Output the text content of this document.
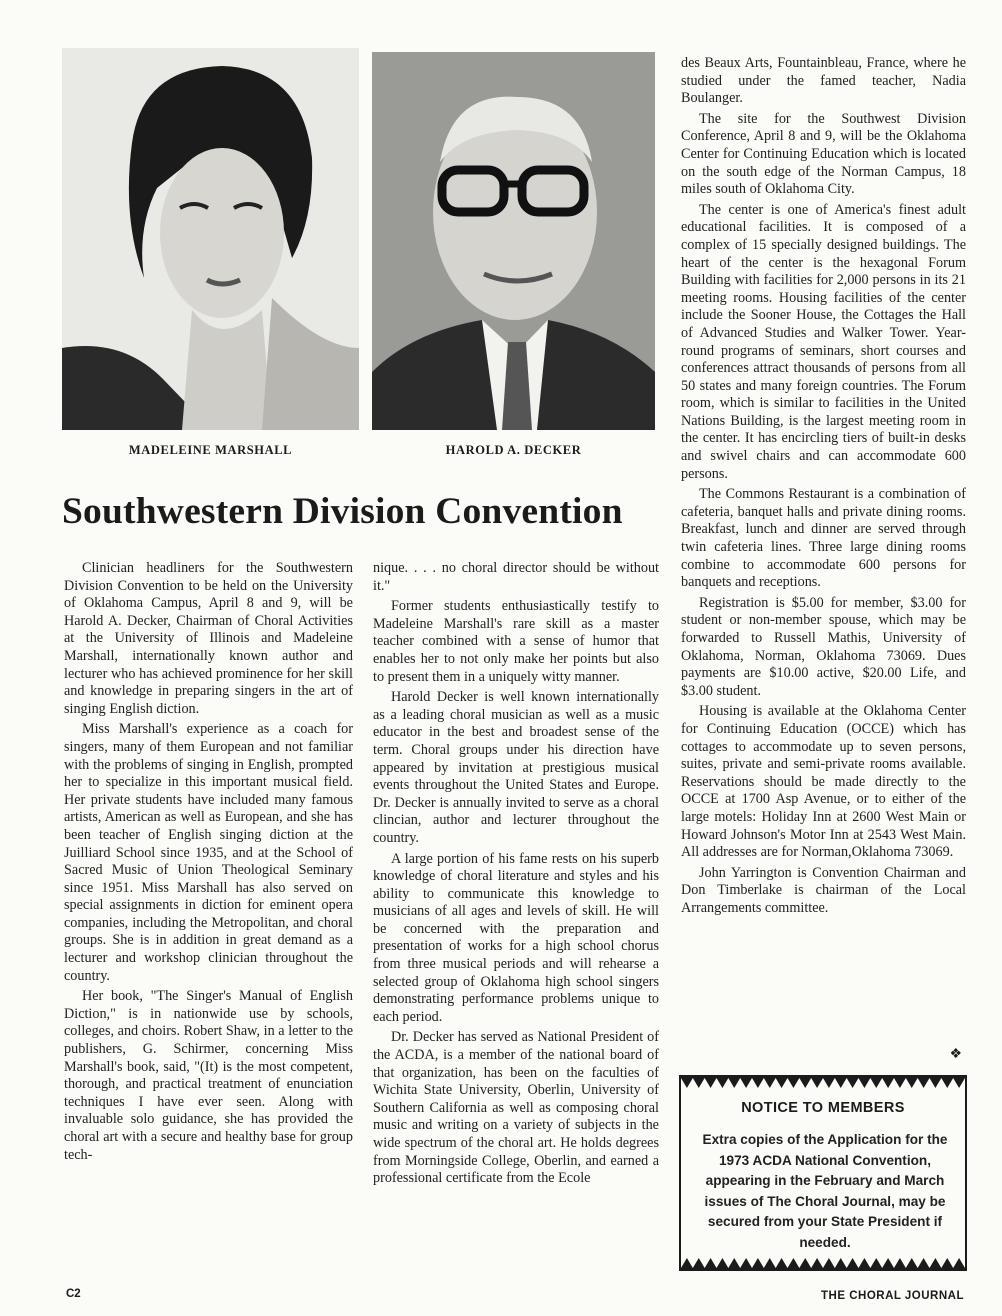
MADELEINE MARSHALL	HAROLD A. DECKER
Southwestern Division Convention

Clinician headliners for the Southwestern Division Convention to be held on the University of Oklahoma Campus, April 8 and 9, will be Harold A. Decker, Chairman of Choral Activities at the University of Illinois and Madeleine Marshall, internationally known author and lecturer who has achieved prominence for her skill and knowledge in preparing singers in the art of singing English diction.

Miss Marshall's experience as a coach for singers, many of them European and not familiar with the problems of singing in English, prompted her to specialize in this important musical field. Her private students have included many famous artists, American as well as European, and she has been teacher of English singing diction at the Juilliard School since 1935, and at the School of Sacred Music of Union Theological Seminary since 1951. Miss Marshall has also served on special assignments in diction for eminent opera companies, including the Metropolitan, and choral groups. She is in addition in great demand as a lecturer and workshop clinician throughout the country.

Her book, "The Singer's Manual of English Diction," is in nationwide use by schools, colleges, and choirs. Robert Shaw, in a letter to the publishers, G. Schirmer, concerning Miss Marshall's book, said, "(It) is the most competent, thorough, and practical treatment of enunciation techniques I have ever seen. Along with invaluable solo guidance, she has provided the choral art with a secure and healthy base for group tech-

nique. . . . no choral director should be without it."

Former students enthusiastically testify to Madeleine Marshall's rare skill as a master teacher combined with a sense of humor that enables her to not only make her points but also to present them in a uniquely witty manner.

Harold Decker is well known internationally as a leading choral musician as well as a music educator in the best and broadest sense of the term. Choral groups under his direction have appeared by invitation at prestigious musical events throughout the United States and Europe. Dr. Decker is annually invited to serve as a choral clincian, author and lecturer throughout the country.

A large portion of his fame rests on his superb knowledge of choral literature and styles and his ability to communicate this knowledge to musicians of all ages and levels of skill. He will be concerned with the preparation and presentation of works for a high school chorus from three musical periods and will rehearse a selected group of Oklahoma high school singers demonstrating performance problems unique to each period.

Dr. Decker has served as National President of the ACDA, is a member of the national board of that organization, has been on the faculties of Wichita State University, Oberlin, University of Southern California as well as composing choral music and writing on a variety of subjects in the wide spectrum of the choral art. He holds degrees from Morningside College, Oberlin, and earned a professional certificate from the Ecole

des Beaux Arts, Fountainbleau, France, where he studied under the famed teacher, Nadia Boulanger.

The site for the Southwest Division Conference, April 8 and 9, will be the Oklahoma Center for Continuing Education which is located on the south edge of the Norman Campus, 18 miles south of Oklahoma City.

The center is one of America's finest adult educational facilities. It is composed of a complex of 15 specially designed buildings. The heart of the center is the hexagonal Forum Building with facilities for 2,000 persons in its 21 meeting rooms. Housing facilities of the center include the Sooner House, the Cottages the Hall of Advanced Studies and Walker Tower. Year-round programs of seminars, short courses and conferences attract thousands of persons from all 50 states and many foreign countries. The Forum room, which is similar to facilities in the United Nations Building, is the largest meeting room in the center. It has encircling tiers of built-in desks and swivel chairs and can accommodate 600 persons.

The Commons Restaurant is a combination of cafeteria, banquet halls and private dining rooms. Breakfast, lunch and dinner are served through twin cafeteria lines. Three large dining rooms combine to accommodate 600 persons for banquets and receptions.

Registration is $5.00 for member, $3.00 for student or non-member spouse, which may be forwarded to Russell Mathis, University of Oklahoma, Norman, Oklahoma 73069. Dues payments are $10.00 active, $20.00 Life, and $3.00 student.

Housing is available at the Oklahoma Center for Continuing Education (OCCE) which has cottages to accommodate up to seven persons, suites, private and semi-private rooms available. Reservations should be made directly to the OCCE at 1700 Asp Avenue, or to either of the large motels: Holiday Inn at 2600 West Main or Howard Johnson's Motor Inn at 2543 West Main. All addresses are for Norman,Oklahoma 73069.

John Yarrington is Convention Chairman and Don Timberlake is chairman of the Local Arrangements committee.

❖
NOTICE TO MEMBERS
Extra copies of the Application for the 1973 ACDA National Convention, appearing in the February and March issues of The Choral Journal, may be secured from your State President if needed.
C2	THE CHORAL JOURNAL
